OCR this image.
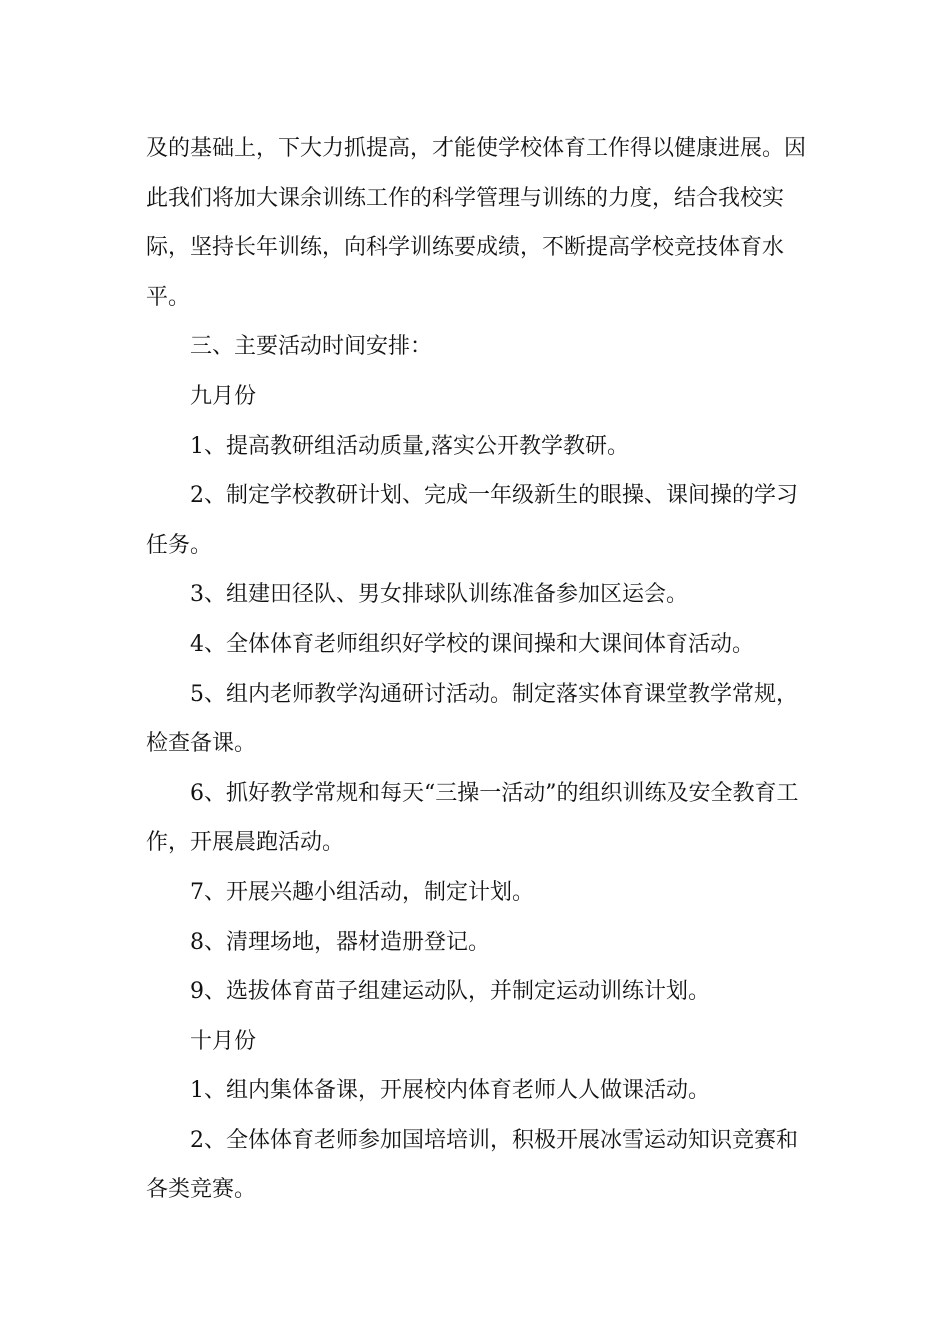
及的基础上，下大力抓提高，才能使学校体育工作得以健康进展。因此我们将加大课余训练工作的科学管理与训练的力度，结合我校实际，坚持长年训练，向科学训练要成绩，不断提高学校竞技体育水平。

三、主要活动时间安排：

九月份

1、提高教研组活动质量,落实公开教学教研。

2、制定学校教研计划、完成一年级新生的眼操、课间操的学习任务。

3、组建田径队、男女排球队训练准备参加区运会。

4、全体体育老师组织好学校的课间操和大课间体育活动。

5、组内老师教学沟通研讨活动。制定落实体育课堂教学常规，检查备课。

6、抓好教学常规和每天“三操一活动”的组织训练及安全教育工作，开展晨跑活动。

7、开展兴趣小组活动，制定计划。

8、清理场地，器材造册登记。

9、选拔体育苗子组建运动队，并制定运动训练计划。

十月份

1、组内集体备课，开展校内体育老师人人做课活动。

2、全体体育老师参加国培培训，积极开展冰雪运动知识竞赛和各类竞赛。
